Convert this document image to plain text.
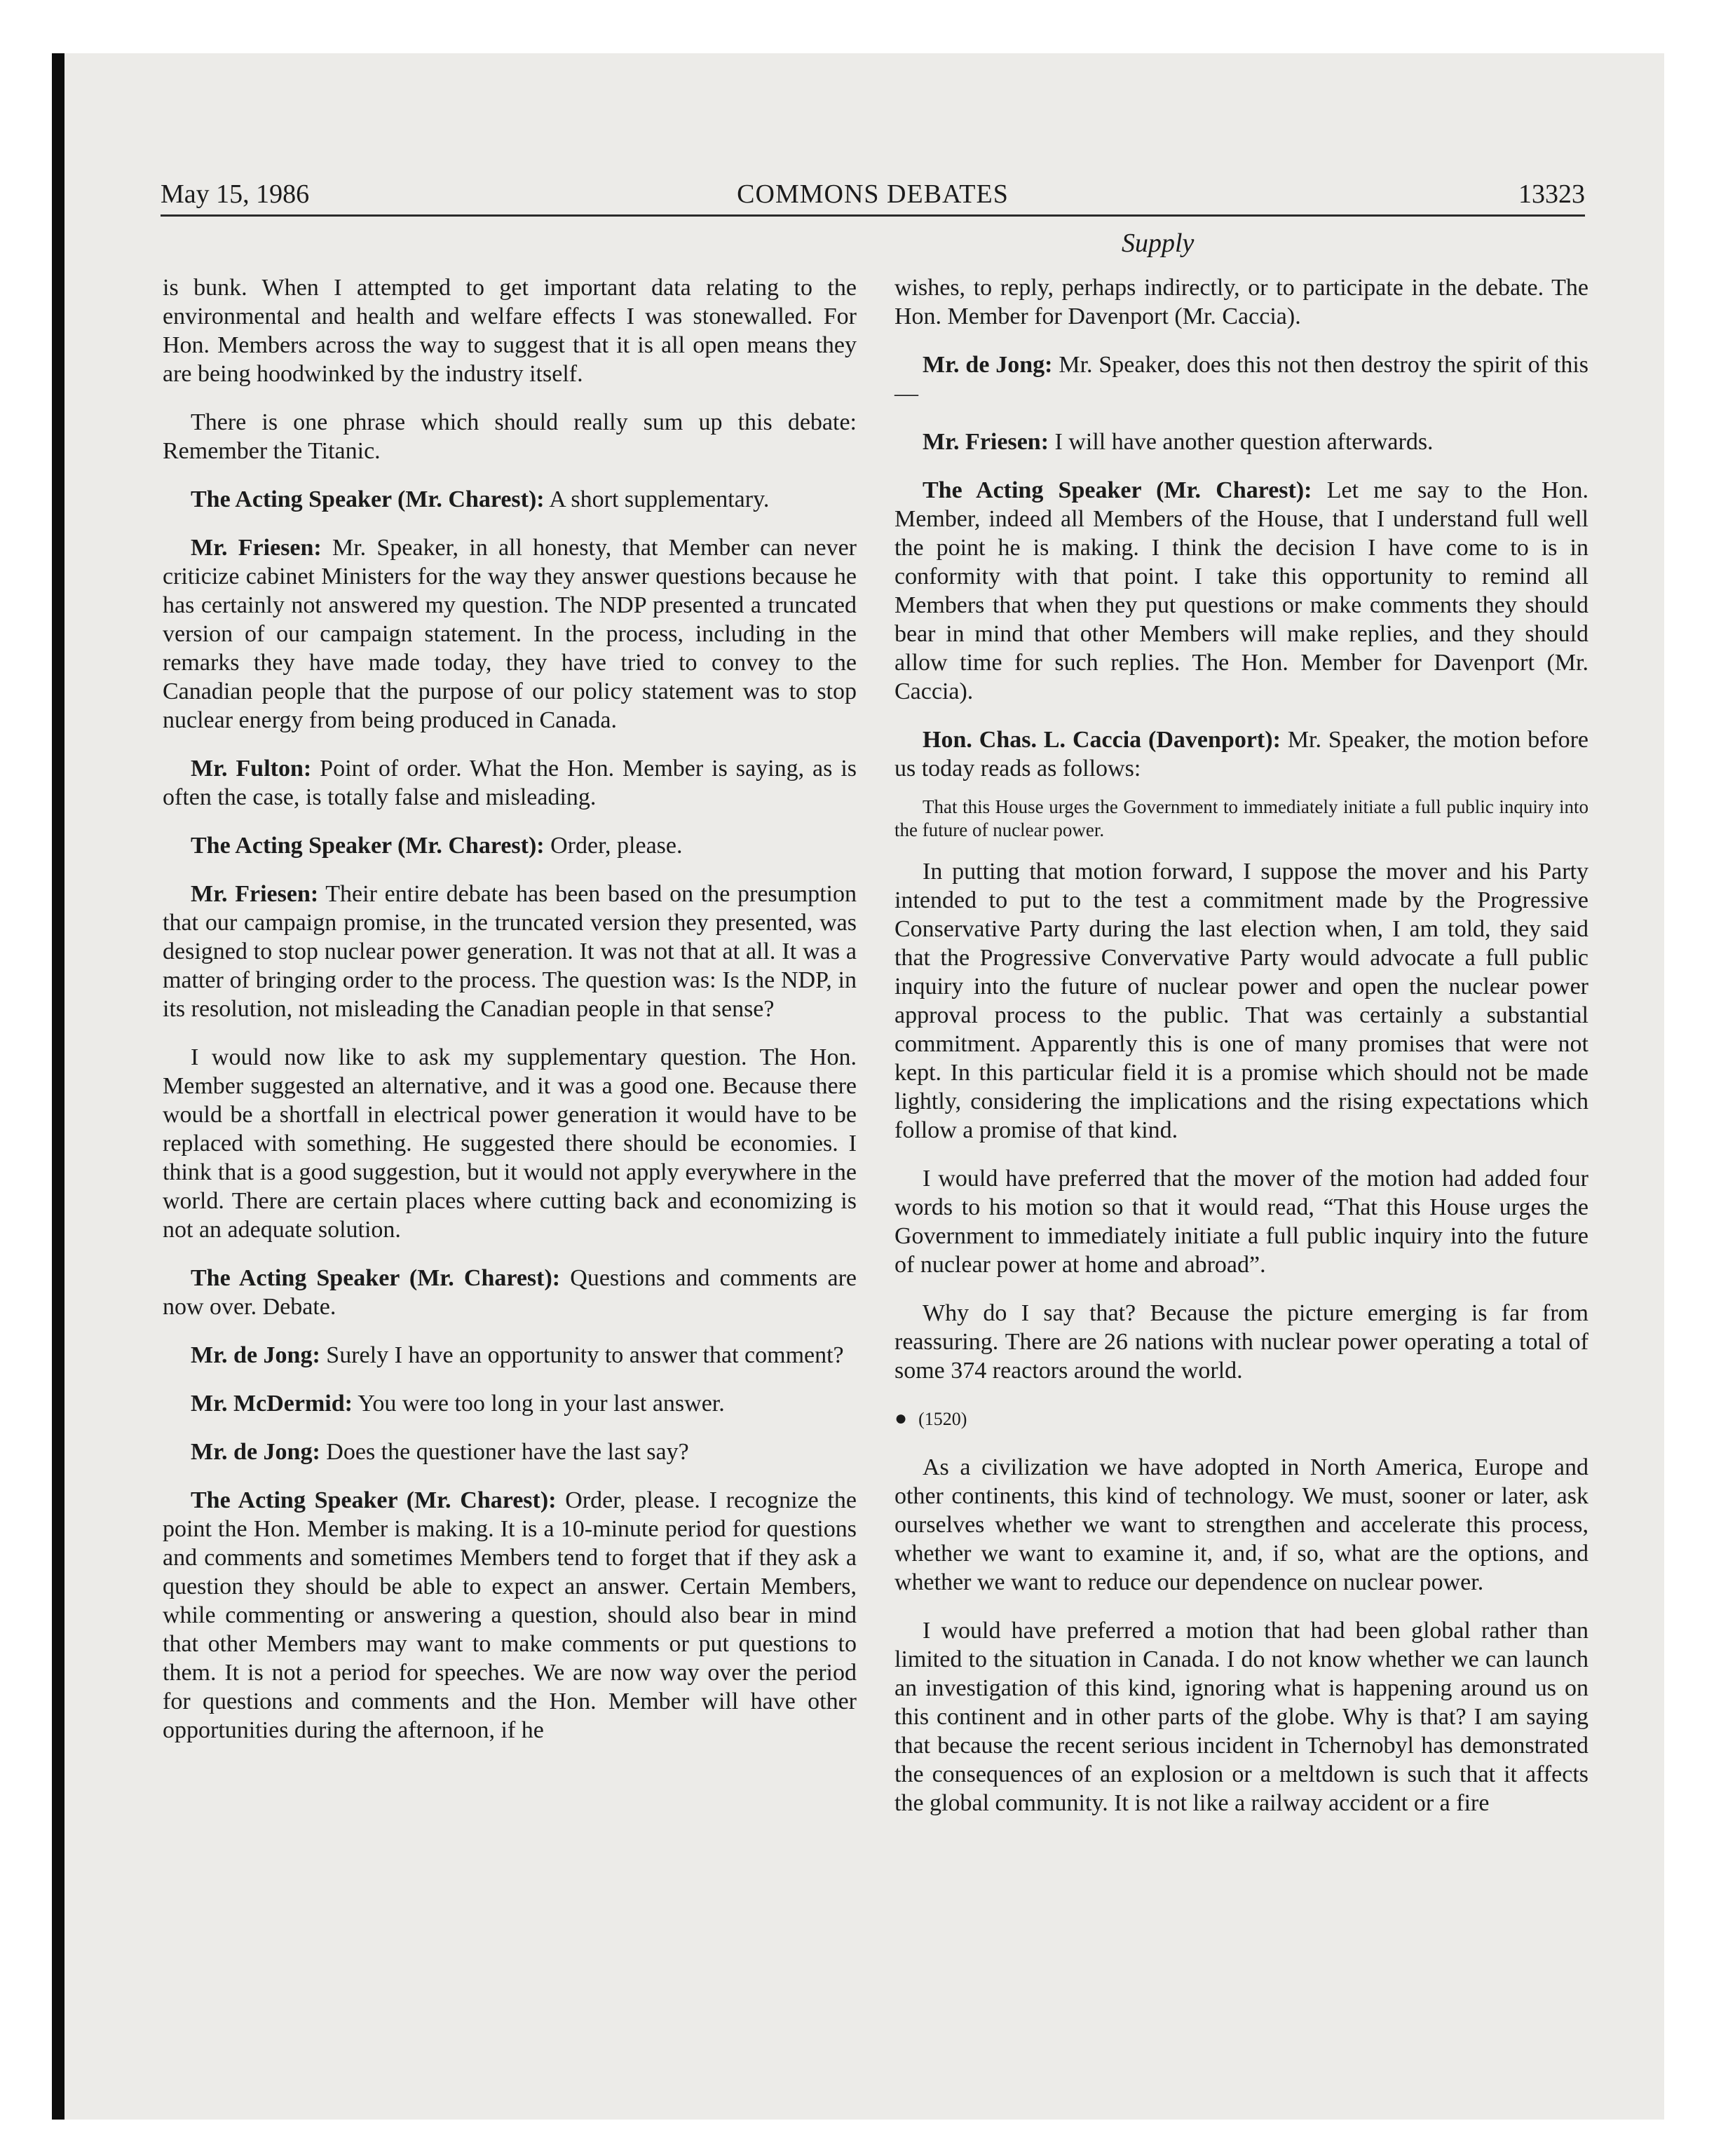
May 15, 1986	COMMONS DEBATES	13323
Supply

is bunk. When I attempted to get important data relating to the environmental and health and welfare effects I was stonewalled. For Hon. Members across the way to suggest that it is all open means they are being hoodwinked by the industry itself.

There is one phrase which should really sum up this debate: Remember the Titanic.

The Acting Speaker (Mr. Charest): A short supplementary.

Mr. Friesen: Mr. Speaker, in all honesty, that Member can never criticize cabinet Ministers for the way they answer questions because he has certainly not answered my question. The NDP presented a truncated version of our campaign statement. In the process, including in the remarks they have made today, they have tried to convey to the Canadian people that the purpose of our policy statement was to stop nuclear energy from being produced in Canada.

Mr. Fulton: Point of order. What the Hon. Member is saying, as is often the case, is totally false and misleading.

The Acting Speaker (Mr. Charest): Order, please.

Mr. Friesen: Their entire debate has been based on the presumption that our campaign promise, in the truncated version they presented, was designed to stop nuclear power generation. It was not that at all. It was a matter of bringing order to the process. The question was: Is the NDP, in its resolution, not misleading the Canadian people in that sense?

I would now like to ask my supplementary question. The Hon. Member suggested an alternative, and it was a good one. Because there would be a shortfall in electrical power generation it would have to be replaced with something. He suggested there should be economies. I think that is a good suggestion, but it would not apply everywhere in the world. There are certain places where cutting back and economizing is not an adequate solution.

The Acting Speaker (Mr. Charest): Questions and comments are now over. Debate.

Mr. de Jong: Surely I have an opportunity to answer that comment?

Mr. McDermid: You were too long in your last answer.

Mr. de Jong: Does the questioner have the last say?

The Acting Speaker (Mr. Charest): Order, please. I recognize the point the Hon. Member is making. It is a 10-minute period for questions and comments and sometimes Members tend to forget that if they ask a question they should be able to expect an answer. Certain Members, while commenting or answering a question, should also bear in mind that other Members may want to make comments or put questions to them. It is not a period for speeches. We are now way over the period for questions and comments and the Hon. Member will have other opportunities during the afternoon, if he

wishes, to reply, perhaps indirectly, or to participate in the debate. The Hon. Member for Davenport (Mr. Caccia).

Mr. de Jong: Mr. Speaker, does this not then destroy the spirit of this—

Mr. Friesen: I will have another question afterwards.

The Acting Speaker (Mr. Charest): Let me say to the Hon. Member, indeed all Members of the House, that I understand full well the point he is making. I think the decision I have come to is in conformity with that point. I take this opportunity to remind all Members that when they put questions or make comments they should bear in mind that other Members will make replies, and they should allow time for such replies. The Hon. Member for Davenport (Mr. Caccia).

Hon. Chas. L. Caccia (Davenport): Mr. Speaker, the motion before us today reads as follows:

That this House urges the Government to immediately initiate a full public inquiry into the future of nuclear power.

In putting that motion forward, I suppose the mover and his Party intended to put to the test a commitment made by the Progressive Conservative Party during the last election when, I am told, they said that the Progressive Convervative Party would advocate a full public inquiry into the future of nuclear power and open the nuclear power approval process to the public. That was certainly a substantial commitment. Apparently this is one of many promises that were not kept. In this particular field it is a promise which should not be made lightly, considering the implications and the rising expectations which follow a promise of that kind.

I would have preferred that the mover of the motion had added four words to his motion so that it would read, “That this House urges the Government to immediately initiate a full public inquiry into the future of nuclear power at home and abroad”.

Why do I say that? Because the picture emerging is far from reassuring. There are 26 nations with nuclear power operating a total of some 374 reactors around the world.

● (1520)

As a civilization we have adopted in North America, Europe and other continents, this kind of technology. We must, sooner or later, ask ourselves whether we want to strengthen and accelerate this process, whether we want to examine it, and, if so, what are the options, and whether we want to reduce our dependence on nuclear power.

I would have preferred a motion that had been global rather than limited to the situation in Canada. I do not know whether we can launch an investigation of this kind, ignoring what is happening around us on this continent and in other parts of the globe. Why is that? I am saying that because the recent serious incident in Tchernobyl has demonstrated the consequences of an explosion or a meltdown is such that it affects the global community. It is not like a railway accident or a fire
